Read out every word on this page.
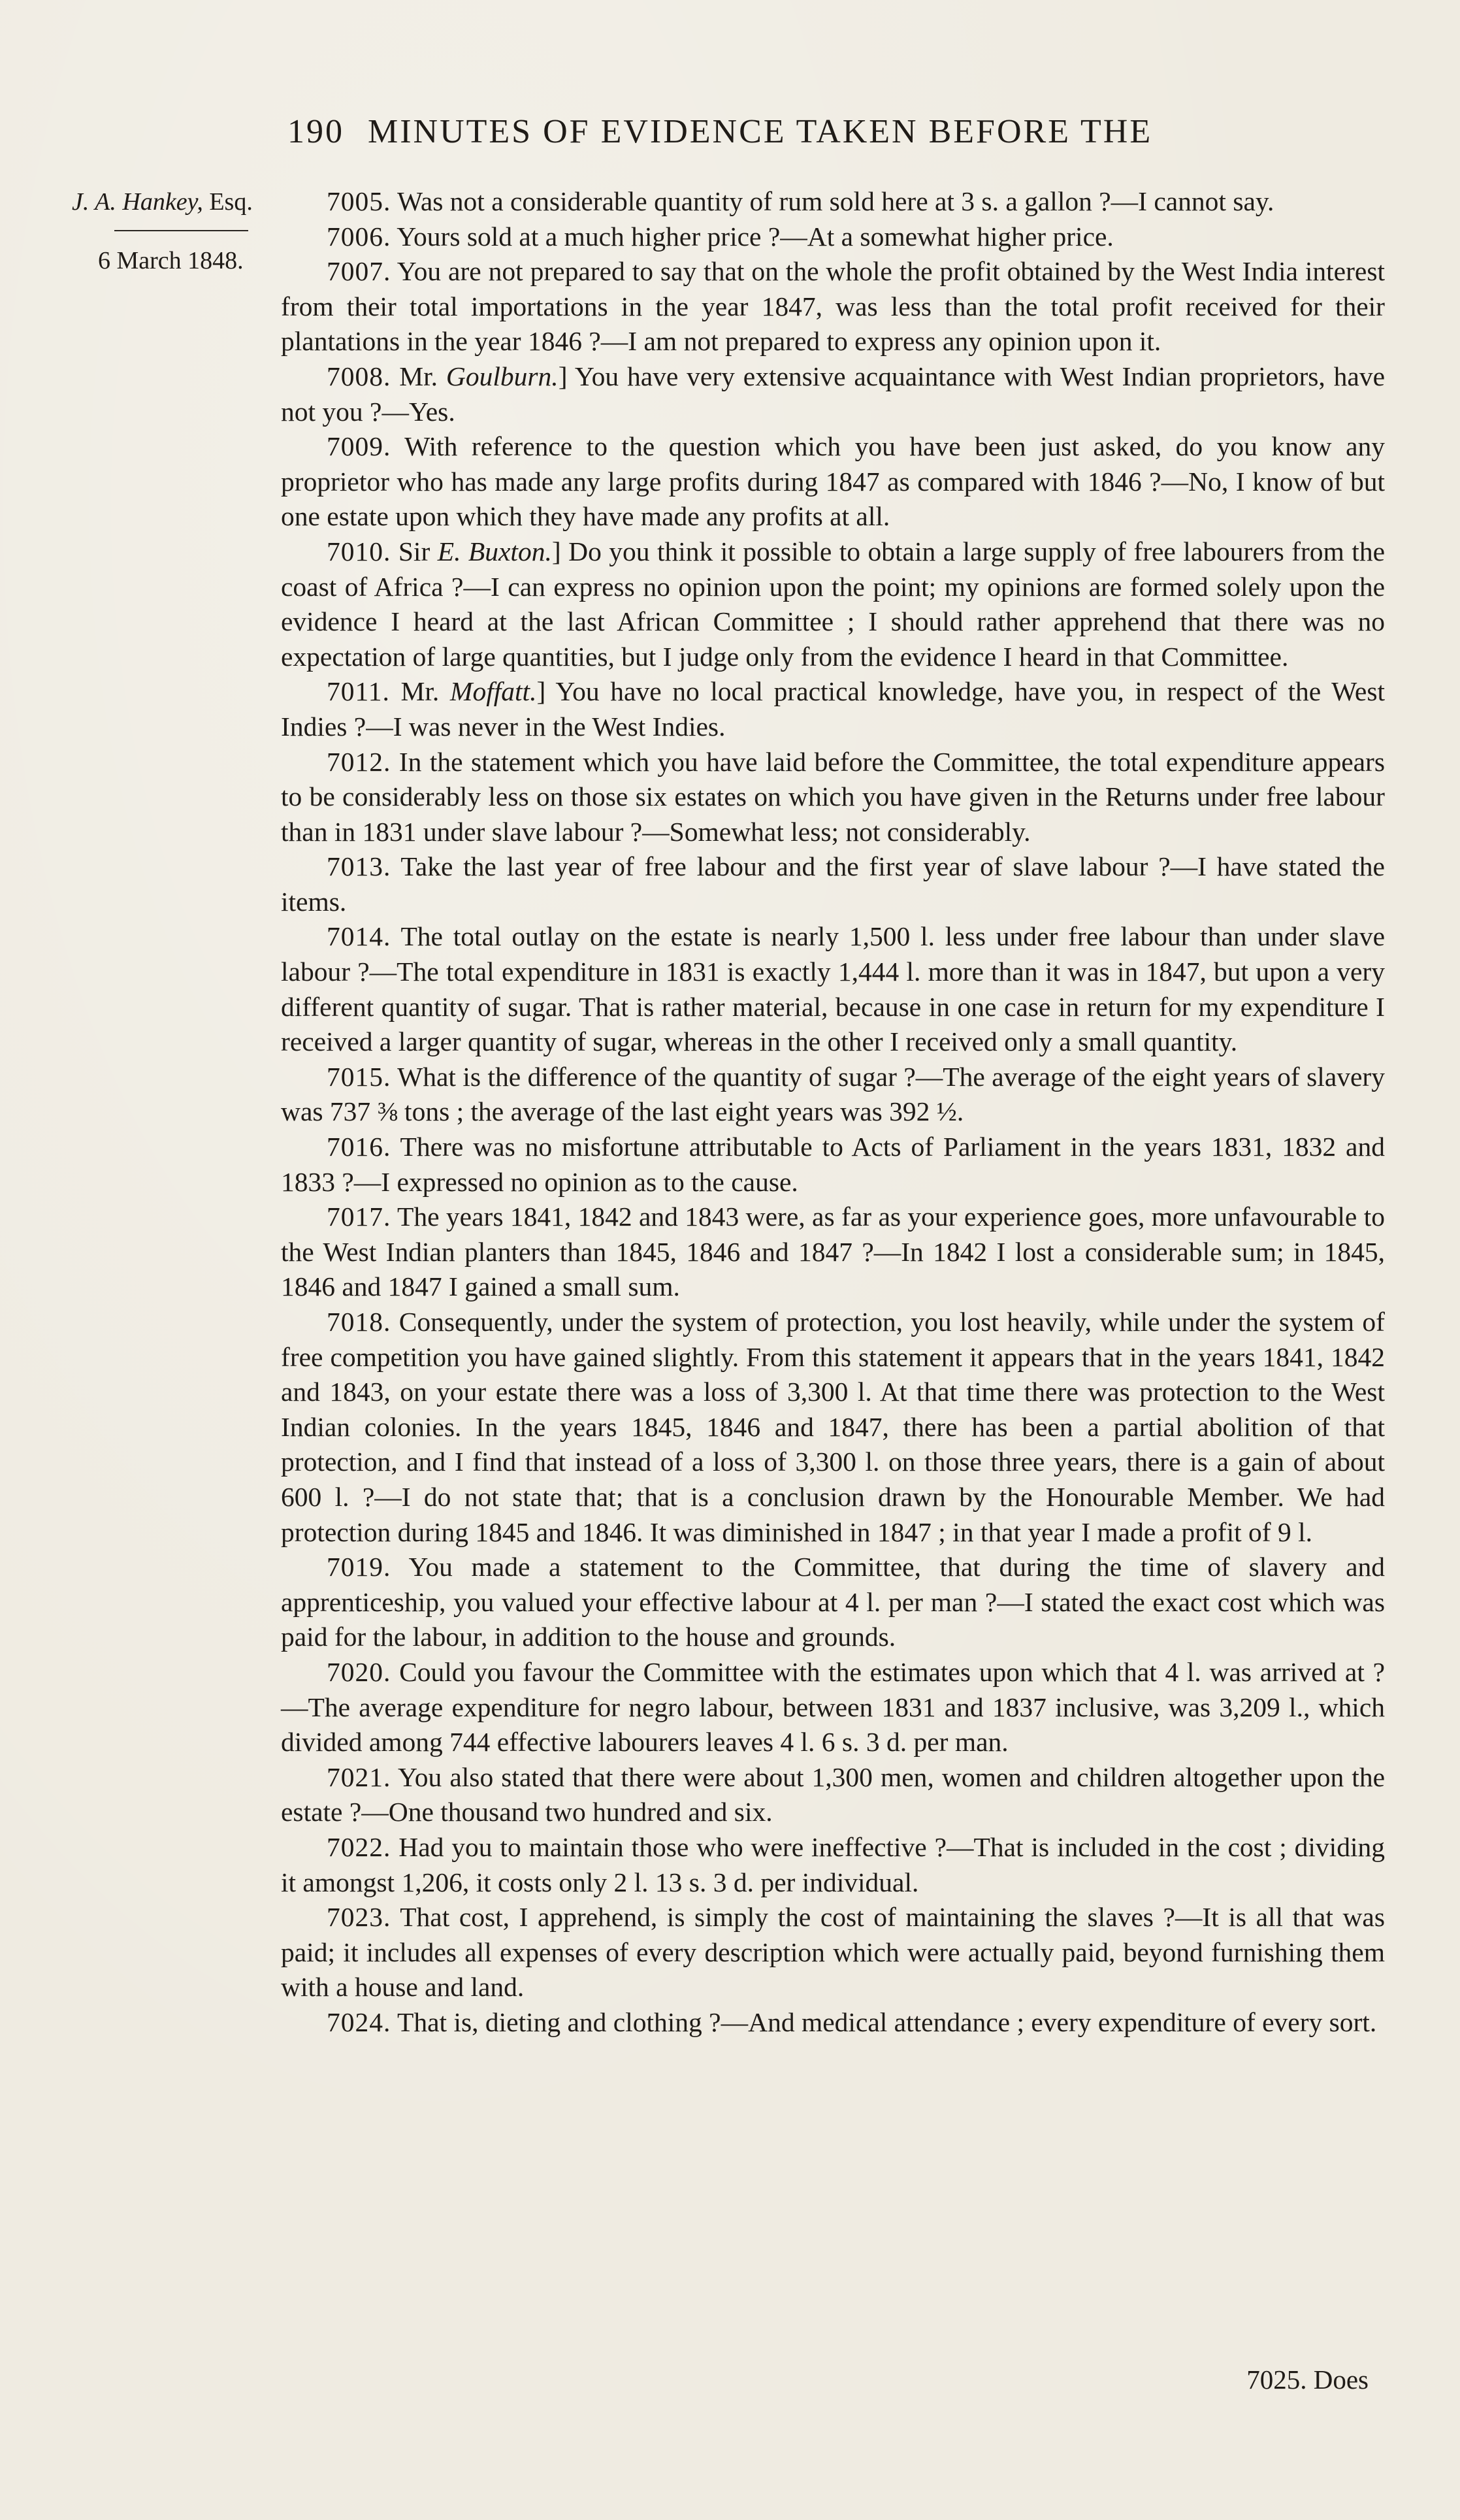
190 MINUTES OF EVIDENCE TAKEN BEFORE THE
J. A. Hankey, Esq.
6 March 1848.

7005. Was not a considerable quantity of rum sold here at 3 s. a gallon ?—I cannot say.

7006. Yours sold at a much higher price ?—At a somewhat higher price.

7007. You are not prepared to say that on the whole the profit obtained by the West India interest from their total importations in the year 1847, was less than the total profit received for their plantations in the year 1846 ?—I am not prepared to express any opinion upon it.

7008. Mr. Goulburn.] You have very extensive acquaintance with West Indian proprietors, have not you ?—Yes.

7009. With reference to the question which you have been just asked, do you know any proprietor who has made any large profits during 1847 as compared with 1846 ?—No, I know of but one estate upon which they have made any profits at all.

7010. Sir E. Buxton.] Do you think it possible to obtain a large supply of free labourers from the coast of Africa ?—I can express no opinion upon the point; my opinions are formed solely upon the evidence I heard at the last African Committee ; I should rather apprehend that there was no expectation of large quantities, but I judge only from the evidence I heard in that Committee.

7011. Mr. Moffatt.] You have no local practical knowledge, have you, in respect of the West Indies ?—I was never in the West Indies.

7012. In the statement which you have laid before the Committee, the total expenditure appears to be considerably less on those six estates on which you have given in the Returns under free labour than in 1831 under slave labour ?—Somewhat less; not considerably.

7013. Take the last year of free labour and the first year of slave labour ?—I have stated the items.

7014. The total outlay on the estate is nearly 1,500 l. less under free labour than under slave labour ?—The total expenditure in 1831 is exactly 1,444 l. more than it was in 1847, but upon a very different quantity of sugar. That is rather material, because in one case in return for my expenditure I received a larger quantity of sugar, whereas in the other I received only a small quantity.

7015. What is the difference of the quantity of sugar ?—The average of the eight years of slavery was 737 ⅜ tons ; the average of the last eight years was 392 ½.

7016. There was no misfortune attributable to Acts of Parliament in the years 1831, 1832 and 1833 ?—I expressed no opinion as to the cause.

7017. The years 1841, 1842 and 1843 were, as far as your experience goes, more unfavourable to the West Indian planters than 1845, 1846 and 1847 ?—In 1842 I lost a considerable sum; in 1845, 1846 and 1847 I gained a small sum.

7018. Consequently, under the system of protection, you lost heavily, while under the system of free competition you have gained slightly. From this statement it appears that in the years 1841, 1842 and 1843, on your estate there was a loss of 3,300 l. At that time there was protection to the West Indian colonies. In the years 1845, 1846 and 1847, there has been a partial abolition of that protection, and I find that instead of a loss of 3,300 l. on those three years, there is a gain of about 600 l. ?—I do not state that; that is a conclusion drawn by the Honourable Member. We had protection during 1845 and 1846. It was diminished in 1847 ; in that year I made a profit of 9 l.

7019. You made a statement to the Committee, that during the time of slavery and apprenticeship, you valued your effective labour at 4 l. per man ?—I stated the exact cost which was paid for the labour, in addition to the house and grounds.

7020. Could you favour the Committee with the estimates upon which that 4 l. was arrived at ?—The average expenditure for negro labour, between 1831 and 1837 inclusive, was 3,209 l., which divided among 744 effective labourers leaves 4 l. 6 s. 3 d. per man.

7021. You also stated that there were about 1,300 men, women and children altogether upon the estate ?—One thousand two hundred and six.

7022. Had you to maintain those who were ineffective ?—That is included in the cost ; dividing it amongst 1,206, it costs only 2 l. 13 s. 3 d. per individual.

7023. That cost, I apprehend, is simply the cost of maintaining the slaves ?—It is all that was paid; it includes all expenses of every description which were actually paid, beyond furnishing them with a house and land.

7024. That is, dieting and clothing ?—And medical attendance ; every expenditure of every sort.

7025. Does
